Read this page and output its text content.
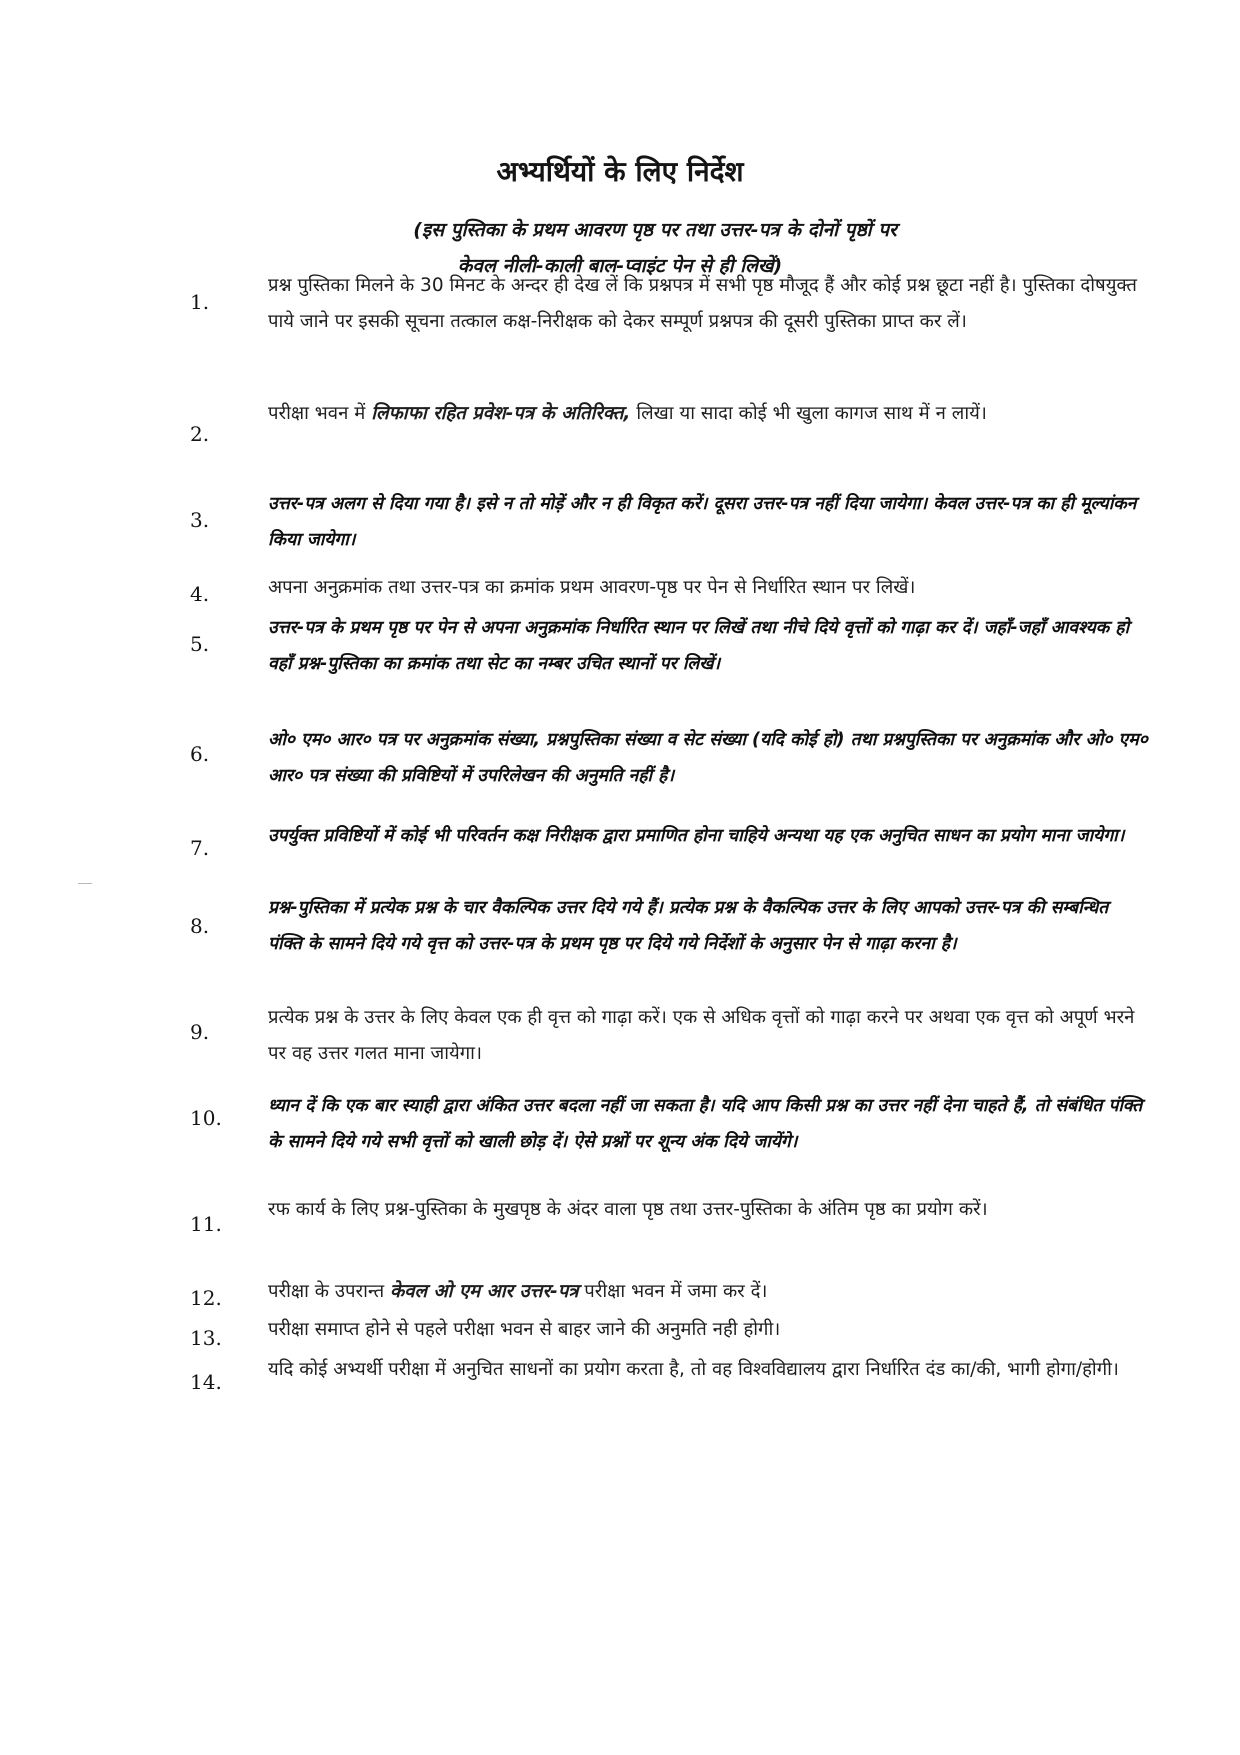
अभ्यर्थियों के लिए निर्देश
(इस पुस्तिका के प्रथम आवरण पृष्ठ पर तथा उत्तर-पत्र के दोनों पृष्ठों पर
केवल नीली-काली बाल-प्वाइंट पेन से ही लिखें)
1.
प्रश्न पुस्तिका मिलने के 30 मिनट के अन्दर ही देख लें कि प्रश्नपत्र में सभी पृष्ठ मौजूद हैं और कोई प्रश्न छूटा नहीं है। पुस्तिका दोषयुक्त पाये जाने पर इसकी सूचना तत्काल कक्ष-निरीक्षक को देकर सम्पूर्ण प्रश्नपत्र की दूसरी पुस्तिका प्राप्त कर लें।
2.
परीक्षा भवन में लिफाफा रहित प्रवेश-पत्र के अतिरिक्त, लिखा या सादा कोई भी खुला कागज साथ में न लायें।
3.
उत्तर-पत्र अलग से दिया गया है। इसे न तो मोड़ें और न ही विकृत करें। दूसरा उत्तर-पत्र नहीं दिया जायेगा। केवल उत्तर-पत्र का ही मूल्यांकन किया जायेगा।
4.	अपना अनुक्रमांक तथा उत्तर-पत्र का क्रमांक प्रथम आवरण-पृष्ठ पर पेन से निर्धारित स्थान पर लिखें।
5.
उत्तर-पत्र के प्रथम पृष्ठ पर पेन से अपना अनुक्रमांक निर्धारित स्थान पर लिखें तथा नीचे दिये वृत्तों को गाढ़ा कर दें। जहाँ-जहाँ आवश्यक हो वहाँ प्रश्न-पुस्तिका का क्रमांक तथा सेट का नम्बर उचित स्थानों पर लिखें।
6.
ओ० एम० आर० पत्र पर अनुक्रमांक संख्या, प्रश्नपुस्तिका संख्या व सेट संख्या (यदि कोई हो) तथा प्रश्नपुस्तिका पर अनुक्रमांक और ओ० एम० आर० पत्र संख्या की प्रविष्टियों में उपरिलेखन की अनुमति नहीं है।
7.	उपर्युक्त प्रविष्टियों में कोई भी परिवर्तन कक्ष निरीक्षक द्वारा प्रमाणित होना चाहिये अन्यथा यह एक अनुचित साधन का प्रयोग माना जायेगा।
8.
प्रश्न-पुस्तिका में प्रत्येक प्रश्न के चार वैकल्पिक उत्तर दिये गये हैं। प्रत्येक प्रश्न के वैकल्पिक उत्तर के लिए आपको उत्तर-पत्र की सम्बन्धित पंक्ति के सामने दिये गये वृत्त को उत्तर-पत्र के प्रथम पृष्ठ पर दिये गये निर्देशों के अनुसार पेन से गाढ़ा करना है।
9.
प्रत्येक प्रश्न के उत्तर के लिए केवल एक ही वृत्त को गाढ़ा करें। एक से अधिक वृत्तों को गाढ़ा करने पर अथवा एक वृत्त को अपूर्ण भरने पर वह उत्तर गलत माना जायेगा।
10.	ध्यान दें कि एक बार स्याही द्वारा अंकित उत्तर बदला नहीं जा सकता है। यदि आप किसी प्रश्न का उत्तर नहीं देना चाहते हैं, तो संबंधित पंक्ति के सामने दिये गये सभी वृत्तों को खाली छोड़ दें। ऐसे प्रश्नों पर शून्य अंक दिये जायेंगे।
11.
रफ कार्य के लिए प्रश्न-पुस्तिका के मुखपृष्ठ के अंदर वाला पृष्ठ तथा उत्तर-पुस्तिका के अंतिम पृष्ठ का प्रयोग करें।
12.	परीक्षा के उपरान्त केवल ओ एम आर उत्तर-पत्र परीक्षा भवन में जमा कर दें।
13.	परीक्षा समाप्त होने से पहले परीक्षा भवन से बाहर जाने की अनुमति नही होगी।
14.
यदि कोई अभ्यर्थी परीक्षा में अनुचित साधनों का प्रयोग करता है, तो वह विश्वविद्यालय द्वारा निर्धारित दंड का/की, भागी होगा/होगी।
